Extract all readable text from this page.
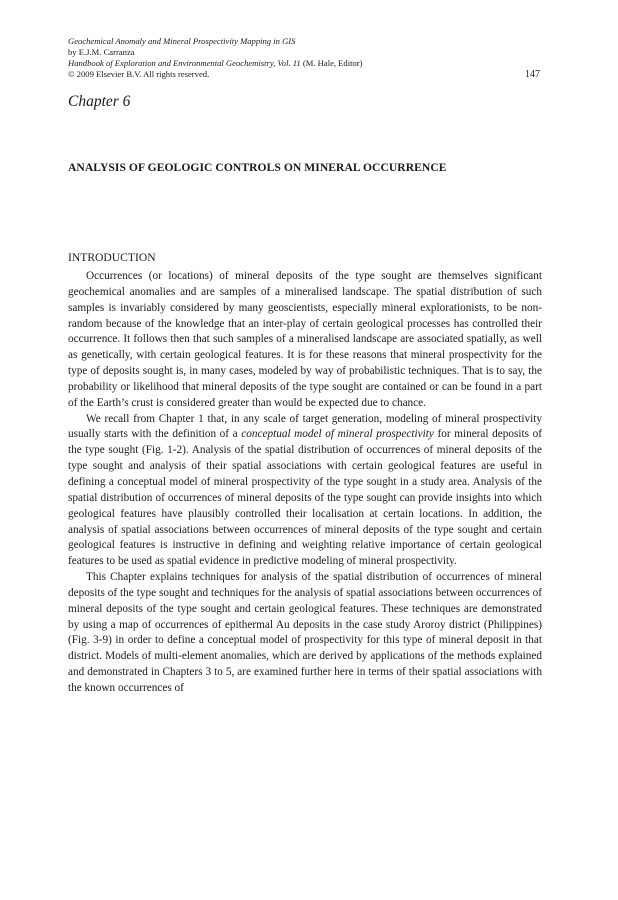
Geochemical Anomaly and Mineral Prospectivity Mapping in GIS
by E.J.M. Carranza
Handbook of Exploration and Environmental Geochemistry, Vol. 11 (M. Hale, Editor)
© 2009 Elsevier B.V. All rights reserved.	147
Chapter 6
ANALYSIS OF GEOLOGIC CONTROLS ON MINERAL OCCURRENCE
INTRODUCTION

Occurrences (or locations) of mineral deposits of the type sought are themselves significant geochemical anomalies and are samples of a mineralised landscape. The spatial distribution of such samples is invariably considered by many geoscientists, especially mineral explorationists, to be non-random because of the knowledge that an inter-play of certain geological processes has controlled their occurrence. It follows then that such samples of a mineralised landscape are associated spatially, as well as genetically, with certain geological features. It is for these reasons that mineral prospectivity for the type of deposits sought is, in many cases, modeled by way of probabilistic techniques. That is to say, the probability or likelihood that mineral deposits of the type sought are contained or can be found in a part of the Earth’s crust is considered greater than would be expected due to chance.

We recall from Chapter 1 that, in any scale of target generation, modeling of mineral prospectivity usually starts with the definition of a conceptual model of mineral prospectivity for mineral deposits of the type sought (Fig. 1-2). Analysis of the spatial distribution of occurrences of mineral deposits of the type sought and analysis of their spatial associations with certain geological features are useful in defining a conceptual model of mineral prospectivity of the type sought in a study area. Analysis of the spatial distribution of occurrences of mineral deposits of the type sought can provide insights into which geological features have plausibly controlled their localisation at certain locations. In addition, the analysis of spatial associations between occurrences of mineral deposits of the type sought and certain geological features is instructive in defining and weighting relative importance of certain geological features to be used as spatial evidence in predictive modeling of mineral prospectivity.

This Chapter explains techniques for analysis of the spatial distribution of occurrences of mineral deposits of the type sought and techniques for the analysis of spatial associations between occurrences of mineral deposits of the type sought and certain geological features. These techniques are demonstrated by using a map of occurrences of epithermal Au deposits in the case study Aroroy district (Philippines) (Fig. 3-9) in order to define a conceptual model of prospectivity for this type of mineral deposit in that district. Models of multi-element anomalies, which are derived by applications of the methods explained and demonstrated in Chapters 3 to 5, are examined further here in terms of their spatial associations with the known occurrences of
